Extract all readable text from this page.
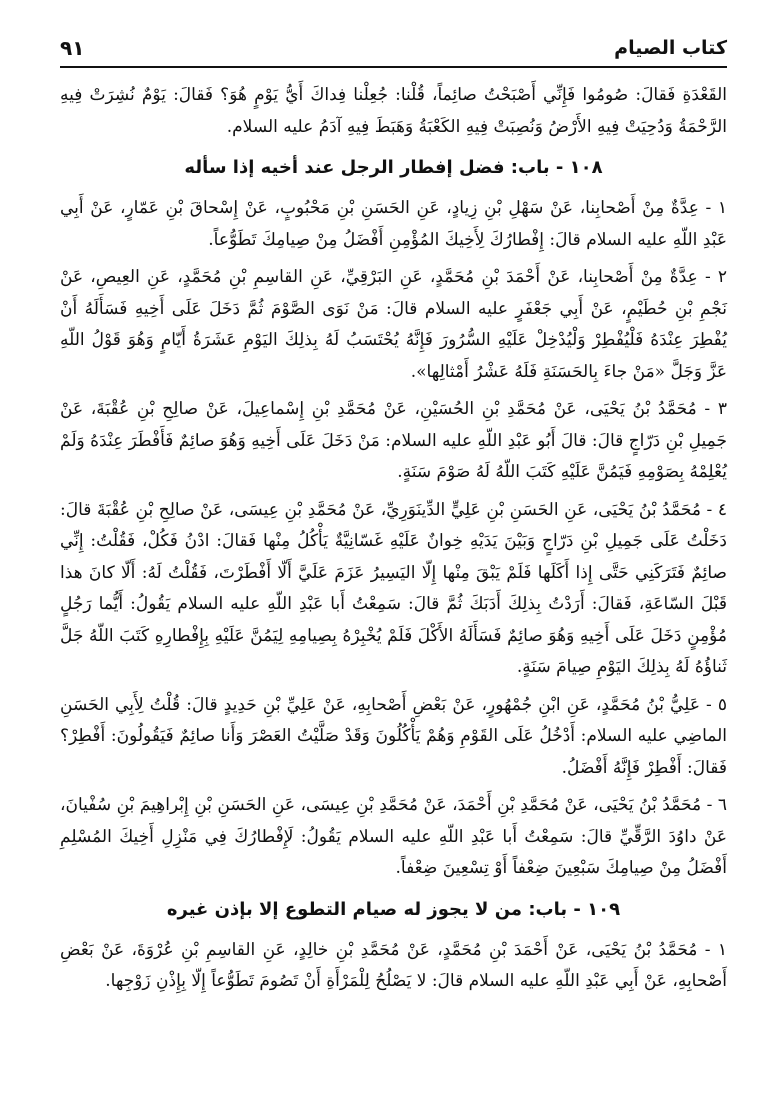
كتاب الصيام
٩١

القَعْدَةِ فَقالَ: صُومُوا فَإِنِّي أَصْبَحْتُ صائِماً، قُلْنا: جُعِلْنا فِداكَ أَيُّ يَوْمٍ هُوَ؟ فَقالَ: يَوْمٌ نُشِرَتْ فِيهِ الرَّحْمَةُ وَدُحِيَتْ فِيهِ الأَرْضُ وَنُصِبَتْ فِيهِ الكَعْبَةُ وَهَبَطَ فِيهِ آدَمُ عليه السلام.

١٠٨ - باب: فضل إفطار الرجل عند أخيه إذا سأله

١ - عِدَّةٌ مِنْ أَصْحابِنا، عَنْ سَهْلِ بْنِ زِيادٍ، عَنِ الحَسَنِ بْنِ مَحْبُوبٍ، عَنْ إِسْحاقَ بْنِ عَمّارٍ، عَنْ أَبِي عَبْدِ اللّهِ عليه السلام قالَ: إِفْطارُكَ لِأَخِيكَ المُؤْمِنِ أَفْضَلُ مِنْ صِيامِكَ تَطَوُّعاً.

٢ - عِدَّةٌ مِنْ أَصْحابِنا، عَنْ أَحْمَدَ بْنِ مُحَمَّدٍ، عَنِ البَرْقِيِّ، عَنِ القاسِمِ بْنِ مُحَمَّدٍ، عَنِ العِيصِ، عَنْ نَجْمِ بْنِ حُطَيْمٍ، عَنْ أَبِي جَعْفَرٍ عليه السلام قالَ: مَنْ نَوَى الصَّوْمَ ثُمَّ دَخَلَ عَلَى أَخِيهِ فَسَأَلَهُ أَنْ يُفْطِرَ عِنْدَهُ فَلْيُفْطِرْ وَلْيُدْخِلْ عَلَيْهِ السُّرُورَ فَإِنَّهُ يُحْتَسَبُ لَهُ بِذلِكَ اليَوْمِ عَشَرَةُ أَيّامٍ وَهُوَ قَوْلُ اللّهِ عَزَّ وَجَلَّ «مَنْ جاءَ بِالحَسَنَةِ فَلَهُ عَشْرُ أَمْثالِها».

٣ - مُحَمَّدُ بْنُ يَحْيَى، عَنْ مُحَمَّدِ بْنِ الحُسَيْنِ، عَنْ مُحَمَّدِ بْنِ إِسْماعِيلَ، عَنْ صالِحِ بْنِ عُقْبَةَ، عَنْ جَمِيلِ بْنِ دَرّاجٍ قالَ: قالَ أَبُو عَبْدِ اللّهِ عليه السلام: مَنْ دَخَلَ عَلَى أَخِيهِ وَهُوَ صائِمٌ فَأَفْطَرَ عِنْدَهُ وَلَمْ يُعْلِمْهُ بِصَوْمِهِ فَيَمُنَّ عَلَيْهِ كَتَبَ اللّهُ لَهُ صَوْمَ سَنَةٍ.

٤ - مُحَمَّدُ بْنُ يَحْيَى، عَنِ الحَسَنِ بْنِ عَلِيٍّ الدِّينَوَرِيِّ، عَنْ مُحَمَّدِ بْنِ عِيسَى، عَنْ صالِحِ بْنِ عُقْبَةَ قالَ: دَخَلْتُ عَلَى جَمِيلِ بْنِ دَرّاجٍ وَبَيْنَ يَدَيْهِ خِوانٌ عَلَيْهِ غَسّانِيَّةٌ يَأْكُلُ مِنْها فَقالَ: ادْنُ فَكُلْ، فَقُلْتُ: إِنِّي صائِمٌ فَتَرَكَنِي حَتَّى إِذا أَكَلَها فَلَمْ يَبْقَ مِنْها إِلّا اليَسِيرُ عَزَمَ عَلَيَّ أَلّا أَفْطَرْتَ، فَقُلْتُ لَهُ: أَلّا كانَ هذا قَبْلَ السّاعَةِ، فَقالَ: أَرَدْتُ بِذلِكَ أَدَبَكَ ثُمَّ قالَ: سَمِعْتُ أَبا عَبْدِ اللّهِ عليه السلام يَقُولُ: أَيُّما رَجُلٍ مُؤْمِنٍ دَخَلَ عَلَى أَخِيهِ وَهُوَ صائِمٌ فَسَأَلَهُ الأَكْلَ فَلَمْ يُخْبِرْهُ بِصِيامِهِ لِيَمُنَّ عَلَيْهِ بِإِفْطارِهِ كَتَبَ اللّهُ جَلَّ ثَناؤُهُ لَهُ بِذلِكَ اليَوْمِ صِيامَ سَنَةٍ.

٥ - عَلِيُّ بْنُ مُحَمَّدٍ، عَنِ ابْنِ جُمْهُورٍ، عَنْ بَعْضِ أَصْحابِهِ، عَنْ عَلِيِّ بْنِ حَدِيدٍ قالَ: قُلْتُ لِأَبِي الحَسَنِ الماضِي عليه السلام: أَدْخُلُ عَلَى القَوْمِ وَهُمْ يَأْكُلُونَ وَقَدْ صَلَّيْتُ العَصْرَ وَأَنا صائِمٌ فَيَقُولُونَ: أَفْطِرْ؟ فَقالَ: أَفْطِرْ فَإِنَّهُ أَفْضَلُ.

٦ - مُحَمَّدُ بْنُ يَحْيَى، عَنْ مُحَمَّدِ بْنِ أَحْمَدَ، عَنْ مُحَمَّدِ بْنِ عِيسَى، عَنِ الحَسَنِ بْنِ إِبْراهِيمَ بْنِ سُفْيانَ، عَنْ داوُدَ الرَّقِّيِّ قالَ: سَمِعْتُ أَبا عَبْدِ اللّهِ عليه السلام يَقُولُ: لَإِفْطارُكَ فِي مَنْزِلِ أَخِيكَ المُسْلِمِ أَفْضَلُ مِنْ صِيامِكَ سَبْعِينَ ضِعْفاً أَوْ تِسْعِينَ ضِعْفاً.

١٠٩ - باب: من لا يجوز له صيام التطوع إلا بإذن غيره

١ - مُحَمَّدُ بْنُ يَحْيَى، عَنْ أَحْمَدَ بْنِ مُحَمَّدٍ، عَنْ مُحَمَّدِ بْنِ خالِدٍ، عَنِ القاسِمِ بْنِ عُرْوَةَ، عَنْ بَعْضِ أَصْحابِهِ، عَنْ أَبِي عَبْدِ اللّهِ عليه السلام قالَ: لا يَصْلُحُ لِلْمَرْأَةِ أَنْ تَصُومَ تَطَوُّعاً إِلّا بِإِذْنِ زَوْجِها.
